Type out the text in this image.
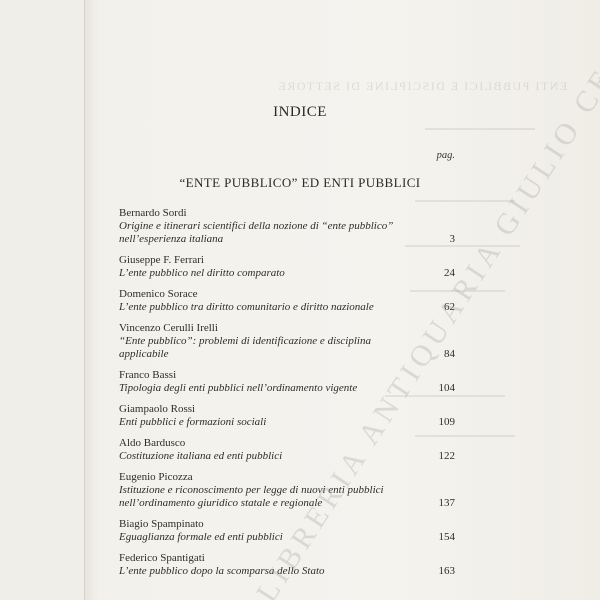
ENTI PUBBLICI E DISCIPLINE DI SETTORE
INDICE
pag.
“ENTE PUBBLICO” ED ENTI PUBBLICI
Bernardo Sordi
Origine e itinerari scientifici della nozione di “ente pubblico” nell’esperienza italiana	3
Giuseppe F. Ferrari
L’ente pubblico nel diritto comparato	24
Domenico Sorace
L’ente pubblico tra diritto comunitario e diritto nazionale	62
Vincenzo Cerulli Irelli
“Ente pubblico”: problemi di identificazione e disciplina applicabile	84
Franco Bassi
Tipologia degli enti pubblici nell’ordinamento vigente	104
Giampaolo Rossi
Enti pubblici e formazioni sociali	109
Aldo Bardusco
Costituzione italiana ed enti pubblici	122
Eugenio Picozza
Istituzione e riconoscimento per legge di nuovi enti pubblici nell’ordinamento giuridico statale e regionale	137
Biagio Spampinato
Eguaglianza formale ed enti pubblici	154
Federico Spantigati
L’ente pubblico dopo la scomparsa dello Stato	163
